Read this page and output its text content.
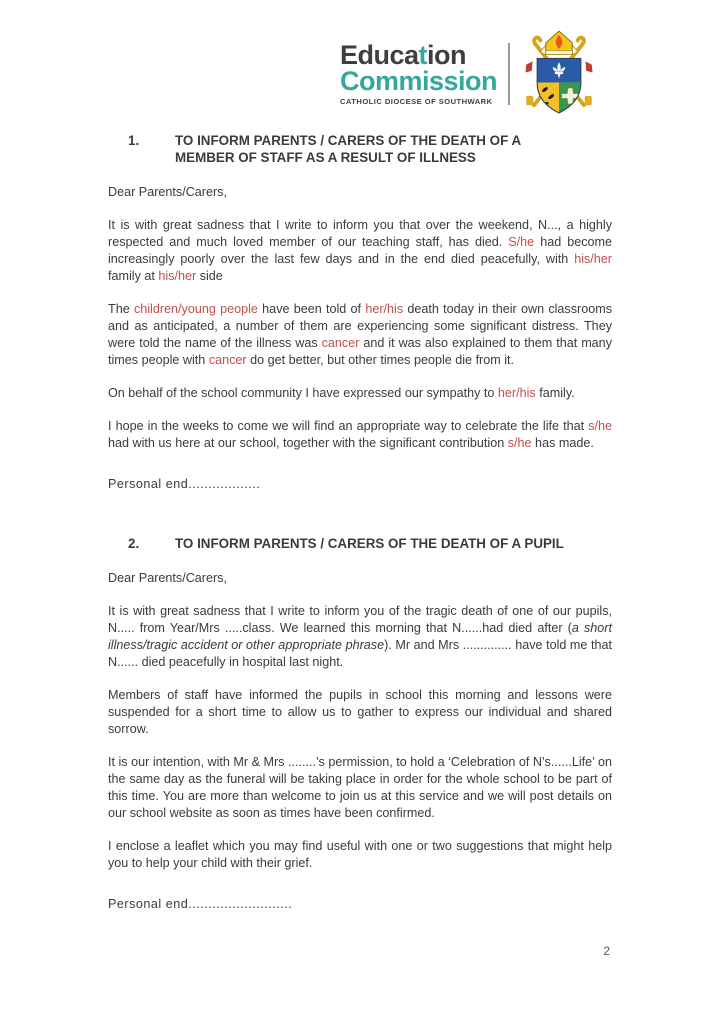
Education
Commission
CATHOLIC DIOCESE OF SOUTHWARK
1.	TO INFORM PARENTS / CARERS OF THE DEATH OF A
MEMBER OF STAFF AS A RESULT OF ILLNESS

Dear Parents/Carers,

It is with great sadness that I write to inform you that over the weekend, N..., a highly respected and much loved member of our teaching staff, has died. S/he had become increasingly poorly over the last few days and in the end died peacefully, with his/her family at his/her side

The children/young people have been told of her/his death today in their own classrooms and as anticipated, a number of them are experiencing some significant distress. They were told the name of the illness was cancer and it was also explained to them that many times people with cancer do get better, but other times people die from it.

On behalf of the school community I have expressed our sympathy to her/his family.

I hope in the weeks to come we will find an appropriate way to celebrate the life that s/he had with us here at our school, together with the significant contribution s/he has made.

Personal end..................

2.	TO INFORM PARENTS / CARERS OF THE DEATH OF A PUPIL

Dear Parents/Carers,

It is with great sadness that I write to inform you of the tragic death of one of our pupils, N..... from Year/Mrs .....class. We learned this morning that N......had died after (a short illness/tragic accident or other appropriate phrase). Mr and Mrs .............. have told me that N...... died peacefully in hospital last night.

Members of staff have informed the pupils in school this morning and lessons were suspended for a short time to allow us to gather to express our individual and shared sorrow.

It is our intention, with Mr & Mrs ........’s permission, to hold a ‘Celebration of N’s......Life’ on the same day as the funeral will be taking place in order for the whole school to be part of this time. You are more than welcome to join us at this service and we will post details on our school website as soon as times have been confirmed.

I enclose a leaflet which you may find useful with one or two suggestions that might help you to help your child with their grief.

Personal end..........................

2
